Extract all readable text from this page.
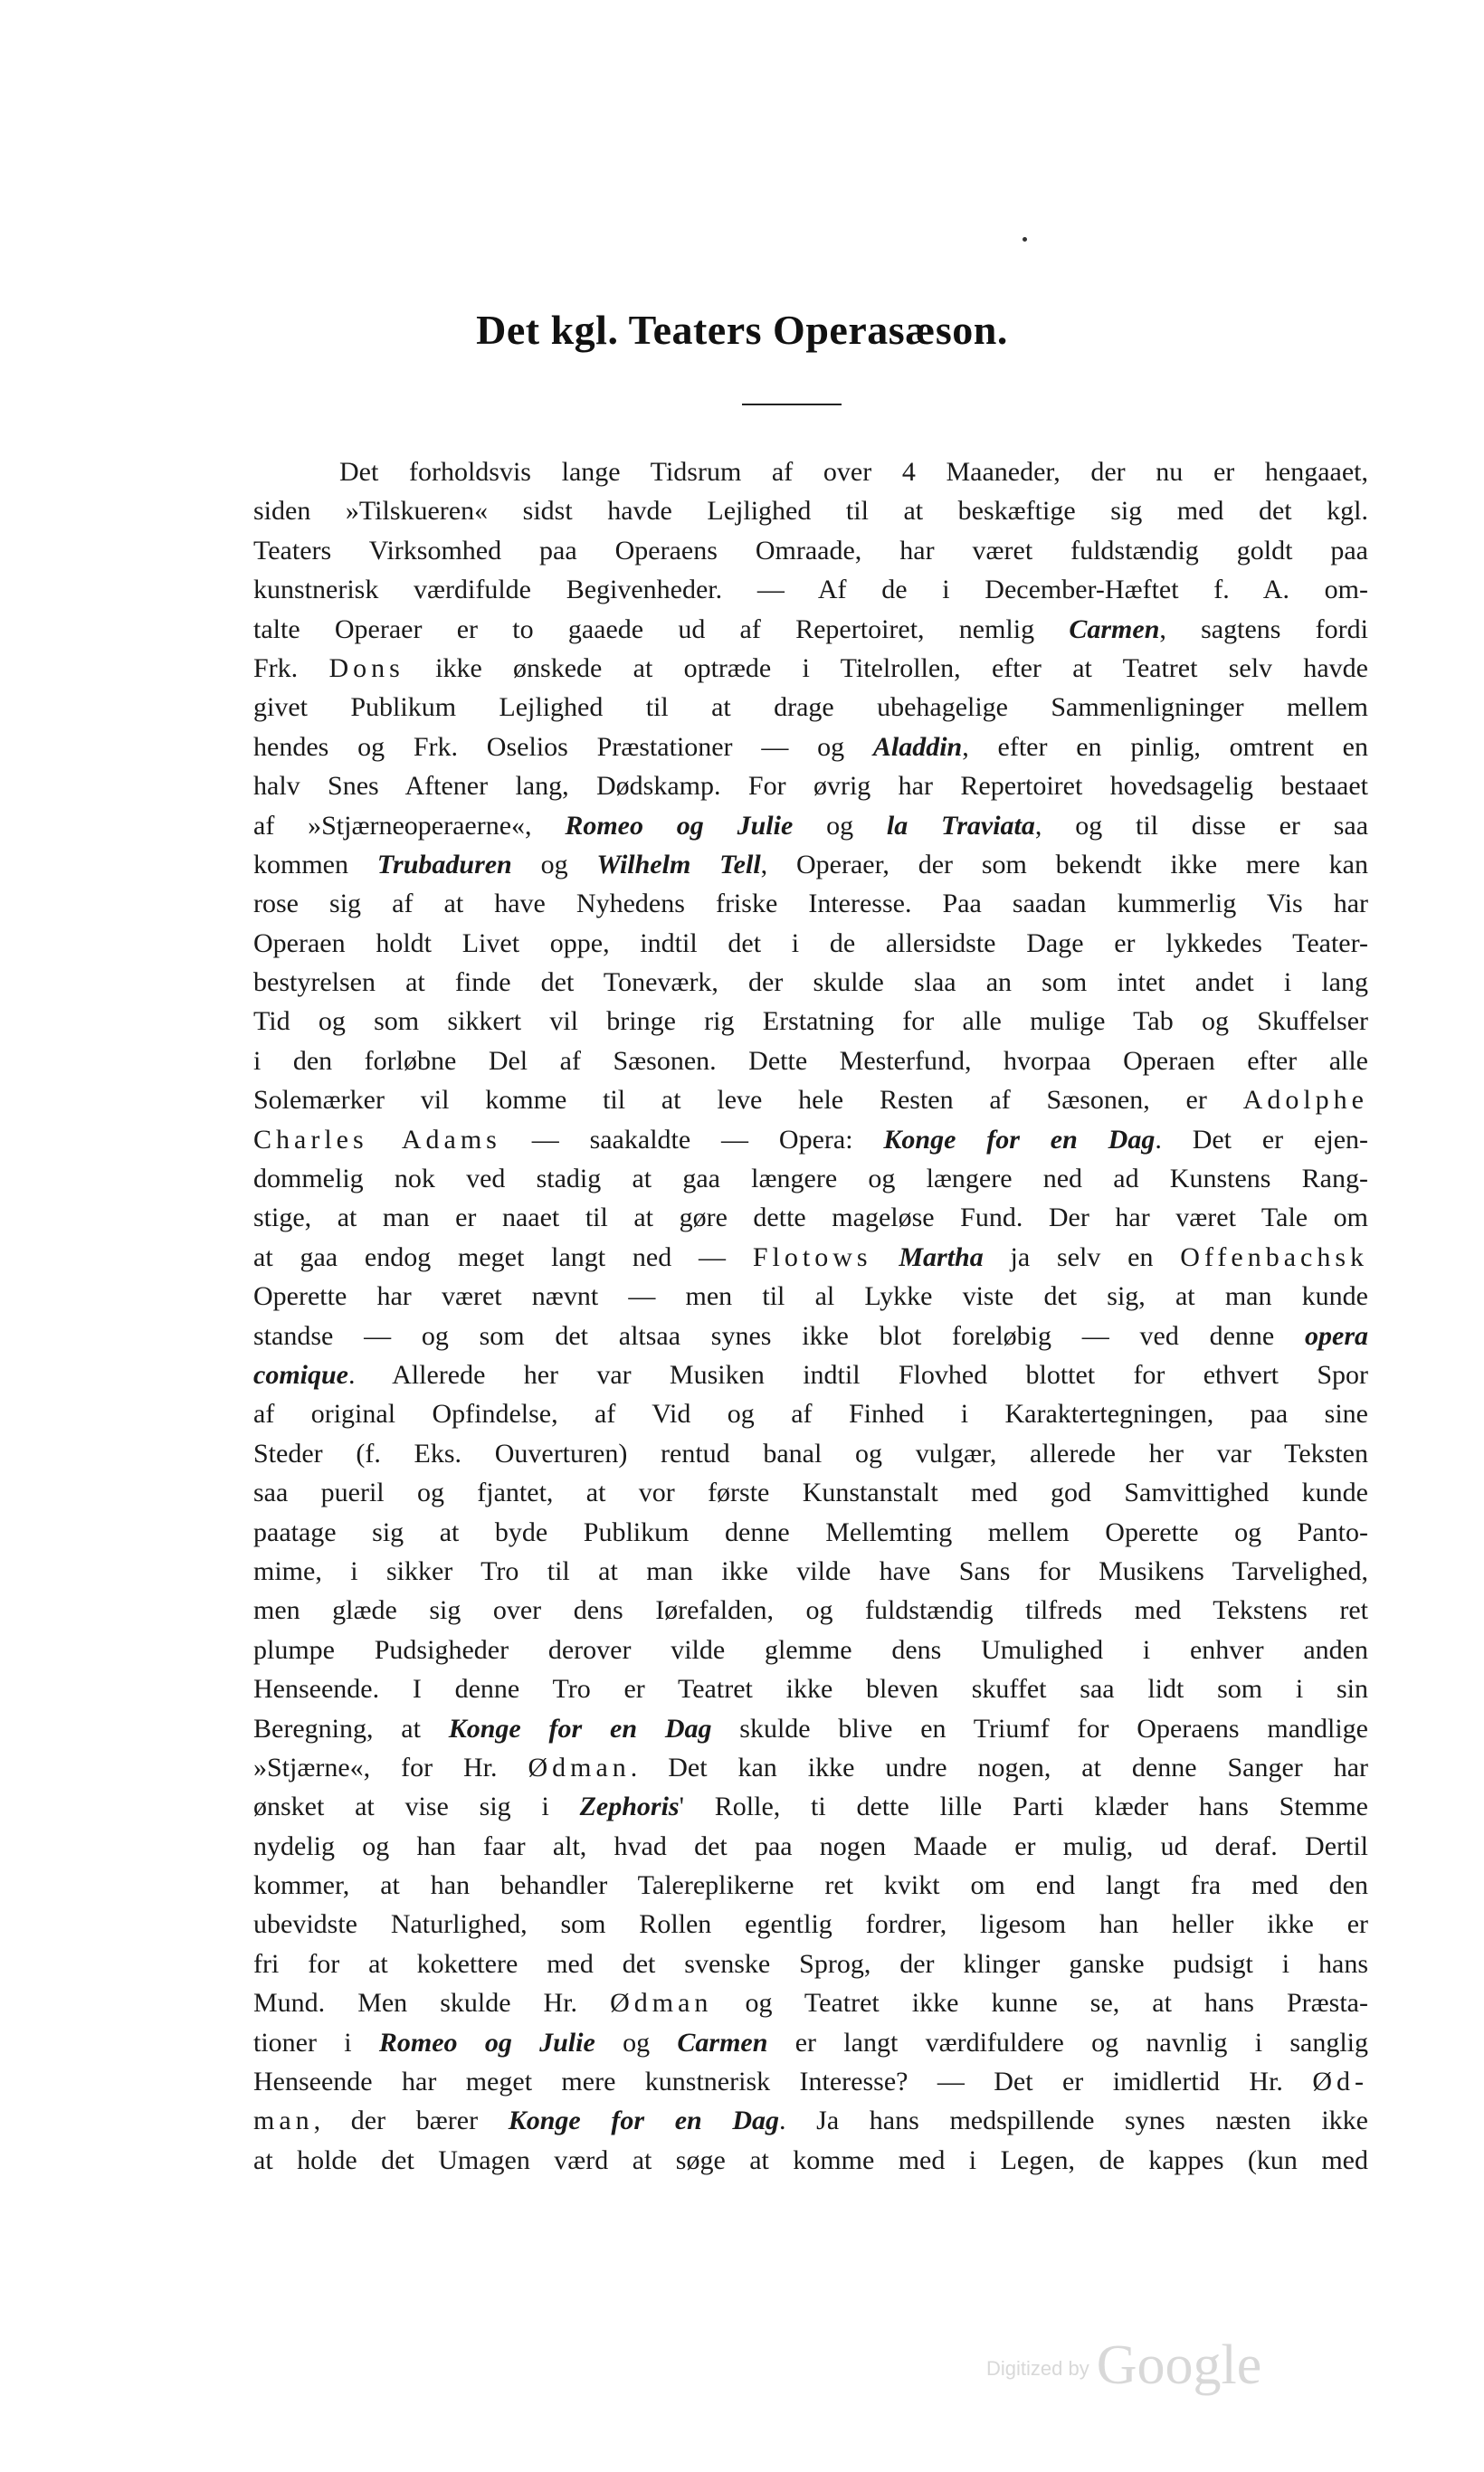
Det kgl. Teaters Operasæson.
Det forholdsvis lange Tidsrum af over 4 Maaneder, der nu er hengaaet,
siden »Tilskueren« sidst havde Lejlighed til at beskæftige sig med det kgl.
Teaters Virksomhed paa Operaens Omraade, har været fuldstændig goldt paa
kunstnerisk værdifulde Begivenheder. — Af de i December-Hæftet f. A. om-
talte Operaer er to gaaede ud af Repertoiret, nemlig Carmen, sagtens fordi
Frk. Dons ikke ønskede at optræde i Titelrollen, efter at Teatret selv havde
givet Publikum Lejlighed til at drage ubehagelige Sammenligninger mellem
hendes og Frk. Oselios Præstationer — og Aladdin, efter en pinlig, omtrent en
halv Snes Aftener lang, Dødskamp. For øvrig har Repertoiret hovedsagelig bestaaet
af »Stjærneoperaerne«, Romeo og Julie og la Traviata, og til disse er saa
kommen Trubaduren og Wilhelm Tell, Operaer, der som bekendt ikke mere kan
rose sig af at have Nyhedens friske Interesse. Paa saadan kummerlig Vis har
Operaen holdt Livet oppe, indtil det i de allersidste Dage er lykkedes Teater-
bestyrelsen at finde det Toneværk, der skulde slaa an som intet andet i lang
Tid og som sikkert vil bringe rig Erstatning for alle mulige Tab og Skuffelser
i den forløbne Del af Sæsonen. Dette Mesterfund, hvorpaa Operaen efter alle
Solemærker vil komme til at leve hele Resten af Sæsonen, er Adolphe
Charles Adams — saakaldte — Opera: Konge for en Dag. Det er ejen-
dommelig nok ved stadig at gaa længere og længere ned ad Kunstens Rang-
stige, at man er naaet til at gøre dette mageløse Fund. Der har været Tale om
at gaa endog meget langt ned — Flotows Martha ja selv en Offenbachsk
Operette har været nævnt — men til al Lykke viste det sig, at man kunde
standse — og som det altsaa synes ikke blot foreløbig — ved denne opera
comique. Allerede her var Musiken indtil Flovhed blottet for ethvert Spor
af original Opfindelse, af Vid og af Finhed i Karaktertegningen, paa sine
Steder (f. Eks. Ouverturen) rentud banal og vulgær, allerede her var Teksten
saa pueril og fjantet, at vor første Kunstanstalt med god Samvittighed kunde
paatage sig at byde Publikum denne Mellemting mellem Operette og Panto-
mime, i sikker Tro til at man ikke vilde have Sans for Musikens Tarvelighed,
men glæde sig over dens Ιørefalden, og fuldstændig tilfreds med Tekstens ret
plumpe Pudsigheder derover vilde glemme dens Umulighed i enhver anden
Henseende. I denne Tro er Teatret ikke bleven skuffet saa lidt som i sin
Beregning, at Konge for en Dag skulde blive en Triumf for Operaens mandlige
»Stjærne«, for Hr. Ødman. Det kan ikke undre nogen, at denne Sanger har
ønsket at vise sig i Zephoris' Rolle, ti dette lille Parti klæder hans Stemme
nydelig og han faar alt, hvad det paa nogen Maade er mulig, ud deraf. Dertil
kommer, at han behandler Talereplikerne ret kvikt om end langt fra med den
ubevidste Naturlighed, som Rollen egentlig fordrer, ligesom han heller ikke er
fri for at kokettere med det svenske Sprog, der klinger ganske pudsigt i hans
Mund. Men skulde Hr. Ødman og Teatret ikke kunne se, at hans Præsta-
tioner i Romeo og Julie og Carmen er langt værdifuldere og navnlig i sanglig
Henseende har meget mere kunstnerisk Interesse? — Det er imidlertid Hr. Ød-
man, der bærer Konge for en Dag. Ja hans medspillende synes næsten ikke
at holde det Umagen værd at søge at komme med i Legen, de kappes (kun med
Digitized by Google
